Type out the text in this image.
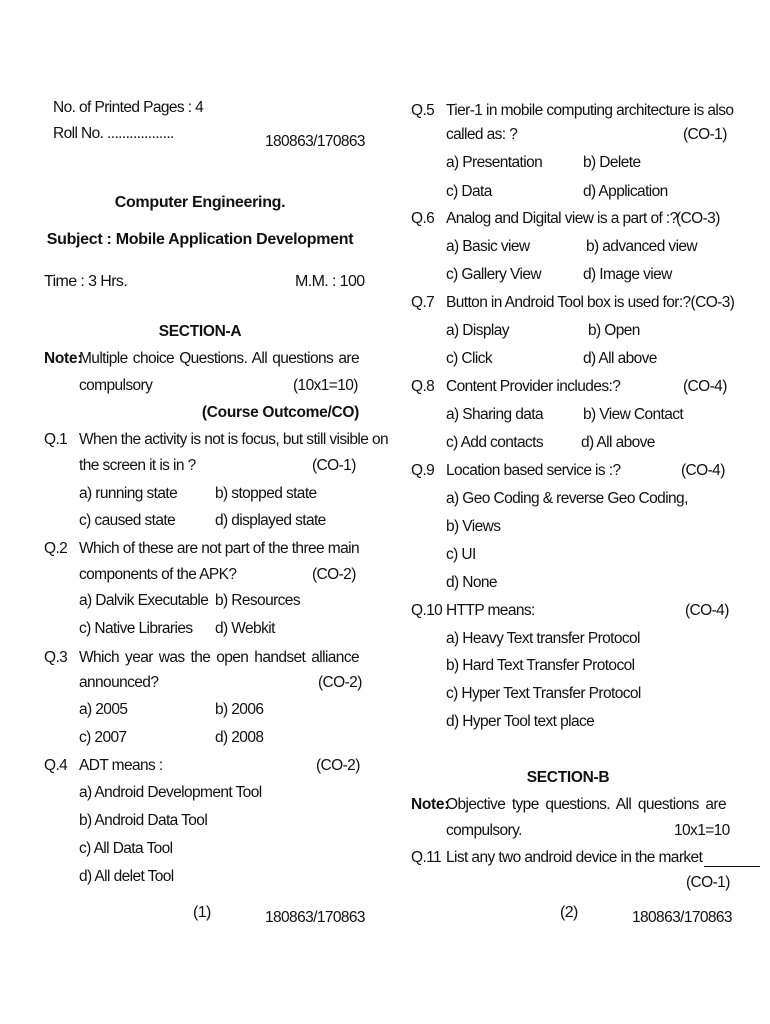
No. of Printed Pages : 4
Roll No. ..................	180863/170863
Computer Engineering.
Subject : Mobile Application Development
Time : 3 Hrs.	M.M. : 100
SECTION-A
Note:
Multiple choice Questions. All questions are
compulsory	(10x1=10)
(Course Outcome/CO)
Q.1 When the activity is not is focus, but still visible on
the screen it is in ?	(CO-1)
a) running state b) stopped state
c) caused state	d) displayed state
Q.2 Which of these are not part of the three main
components of the APK?	(CO-2)
a) Dalvik Executable b) Resources
c) Native Libraries d) Webkit
Q.3 Which year was the open handset alliance
announced?	(CO-2)
a) 2005	b) 2006
c) 2007	d) 2008
Q.4 ADT means :	(CO-2)
a) Android Development Tool
b) Android Data Tool
c) All Data Tool
d) All delet Tool
(1)	180863/170863
Q.5 Tier-1 in mobile computing architecture is also
called as: ?	(CO-1)
a) Presentation	b) Delete
c) Data	d) Application
Q.6 Analog and Digital view is a part of :?
(CO-3)
a) Basic view	b) advanced view
c) Gallery View	d) Image view
Q.7 Button in Android Tool box is used for:?(CO-3)
a) Display	b) Open
c) Click	d) All above
Q.8 Content Provider includes:?	(CO-4)
a) Sharing data	b) View Contact
c) Add contacts d) All above
Q.9 Location based service is :?	(CO-4)
a) Geo Coding & reverse Geo Coding,
b) Views
c) UI
d) None
Q.10 HTTP means:	(CO-4)
a) Heavy Text transfer Protocol
b) Hard Text Transfer Protocol
c) Hyper Text Transfer Protocol
d) Hyper Tool text place
SECTION-B
Note:
Objective type questions. All questions are
compulsory.	10x1=10
Q.11 List any two android device in the market
(CO-1)
(2)	180863/170863
